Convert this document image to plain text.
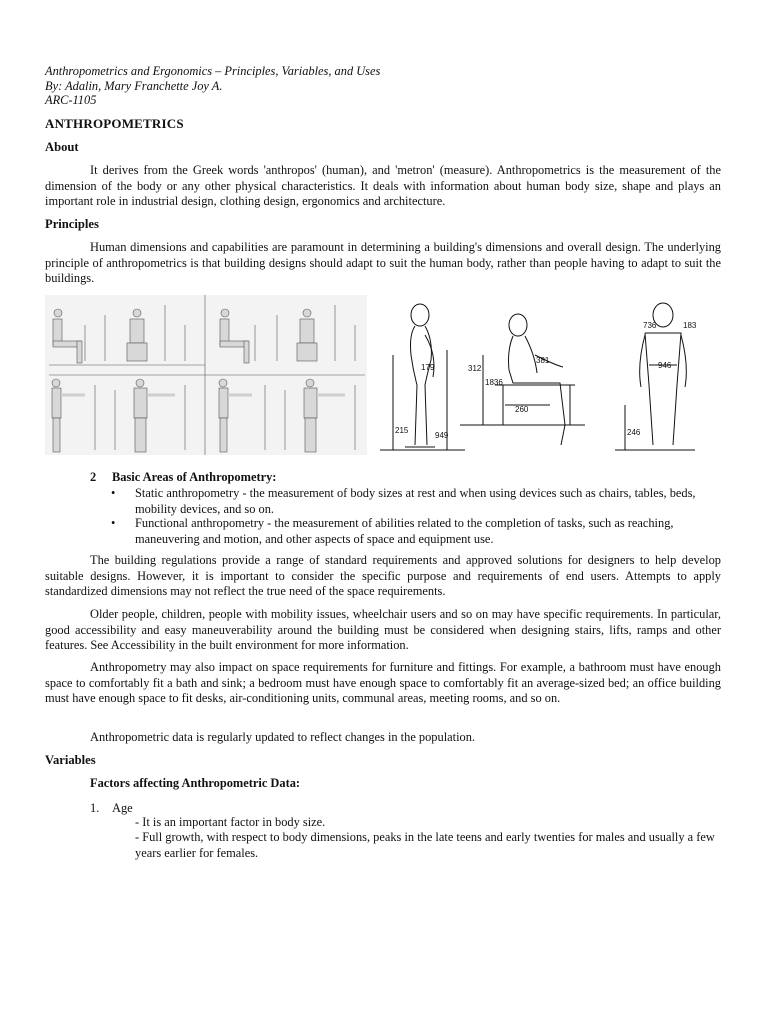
Anthropometrics and Ergonomics – Principles, Variables, and Uses
By: Adalin, Mary Franchette Joy A.
ARC-1105
ANTHROPOMETRICS
About
It derives from the Greek words 'anthropos' (human), and 'metron' (measure). Anthropometrics is the measurement of the dimension of the body or any other physical characteristics. It deals with information about human body size, shape and plays an important role in industrial design, clothing design, ergonomics and architecture.
Principles
Human dimensions and capabilities are paramount in determining a building's dimensions and overall design. The underlying principle of anthropometrics is that building designs should adapt to suit the human body, rather than people having to adapt to suit the buildings.
179	312
1836
260
381
215
949
736	183
946
246
2 Basic Areas of Anthropometry:
• Static anthropometry - the measurement of body sizes at rest and when using devices such as chairs, tables, beds, mobility devices, and so on.
• Functional anthropometry - the measurement of abilities related to the completion of tasks, such as reaching, maneuvering and motion, and other aspects of space and equipment use.
The building regulations provide a range of standard requirements and approved solutions for designers to help develop suitable designs. However, it is important to consider the specific purpose and requirements of end users. Attempts to apply standardized dimensions may not reflect the true need of the space requirements.
Older people, children, people with mobility issues, wheelchair users and so on may have specific requirements. In particular, good accessibility and easy maneuverability around the building must be considered when designing stairs, lifts, ramps and other features. See Accessibility in the built environment for more information.
Anthropometry may also impact on space requirements for furniture and fittings. For example, a bathroom must have enough space to comfortably fit a bath and sink; a bedroom must have enough space to comfortably fit an average-sized bed; an office building must have enough space to fit desks, air-conditioning units, communal areas, meeting rooms, and so on.
Anthropometric data is regularly updated to reflect changes in the population.
Variables
Factors affecting Anthropometric Data:
1. Age
- It is an important factor in body size.
- Full growth, with respect to body dimensions, peaks in the late teens and early twenties for males and usually a few years earlier for females.
